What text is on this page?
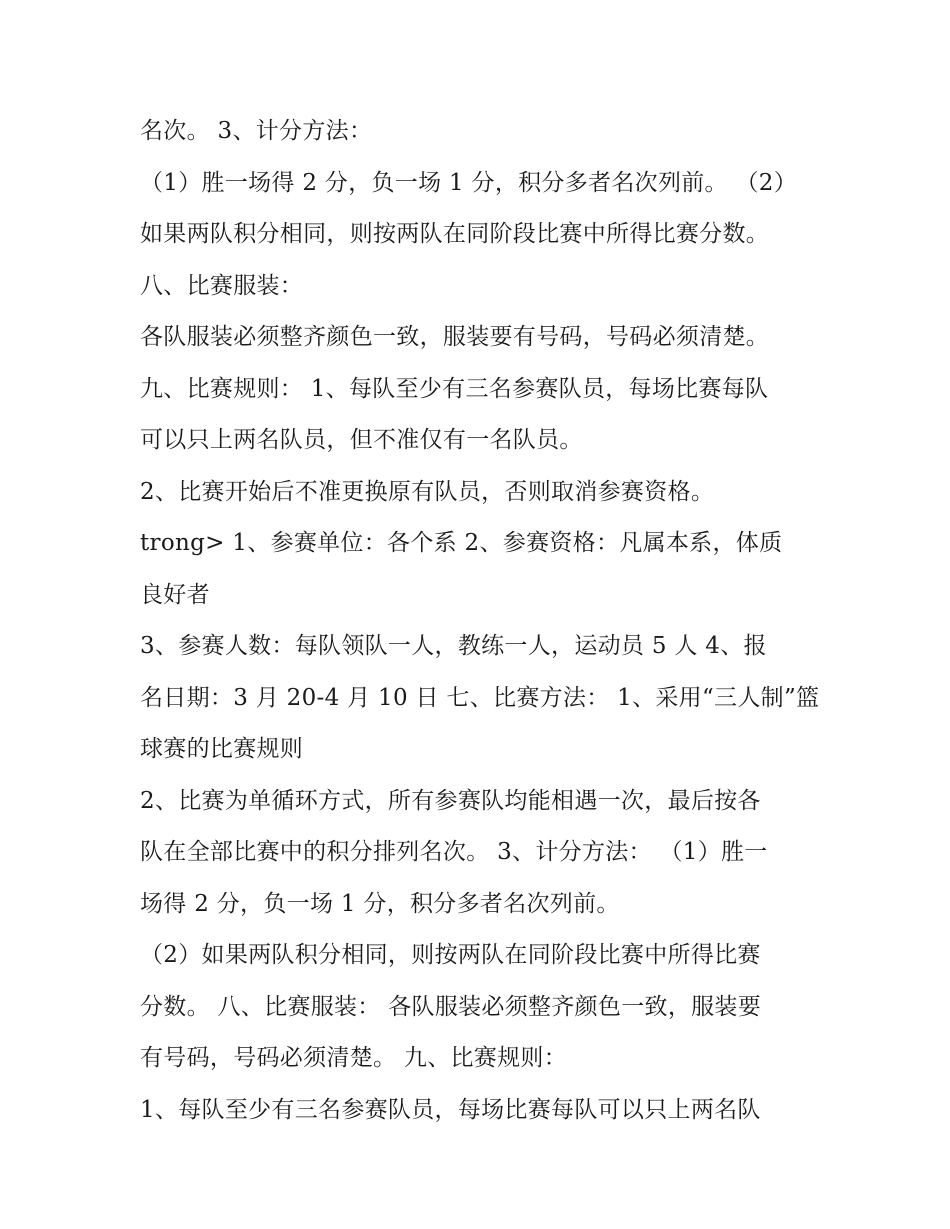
名次。 3、计分方法：
（1）胜一场得 2 分，负一场 1 分，积分多者名次列前。 （2）
如果两队积分相同，则按两队在同阶段比赛中所得比赛分数。
八、比赛服装：
各队服装必须整齐颜色一致，服装要有号码，号码必须清楚。
九、比赛规则： 1、每队至少有三名参赛队员，每场比赛每队
可以只上两名队员，但不准仅有一名队员。
2、比赛开始后不准更换原有队员，否则取消参赛资格。
trong> 1、参赛单位：各个系 2、参赛资格：凡属本系，体质
良好者
3、参赛人数：每队领队一人，教练一人，运动员 5 人 4、报
名日期：3 月 20-4 月 10 日 七、比赛方法： 1、采用“三人制”篮
球赛的比赛规则
2、比赛为单循环方式，所有参赛队均能相遇一次，最后按各
队在全部比赛中的积分排列名次。 3、计分方法： （1）胜一
场得 2 分，负一场 1 分，积分多者名次列前。
（2）如果两队积分相同，则按两队在同阶段比赛中所得比赛
分数。 八、比赛服装： 各队服装必须整齐颜色一致，服装要
有号码，号码必须清楚。 九、比赛规则：
1、每队至少有三名参赛队员，每场比赛每队可以只上两名队
